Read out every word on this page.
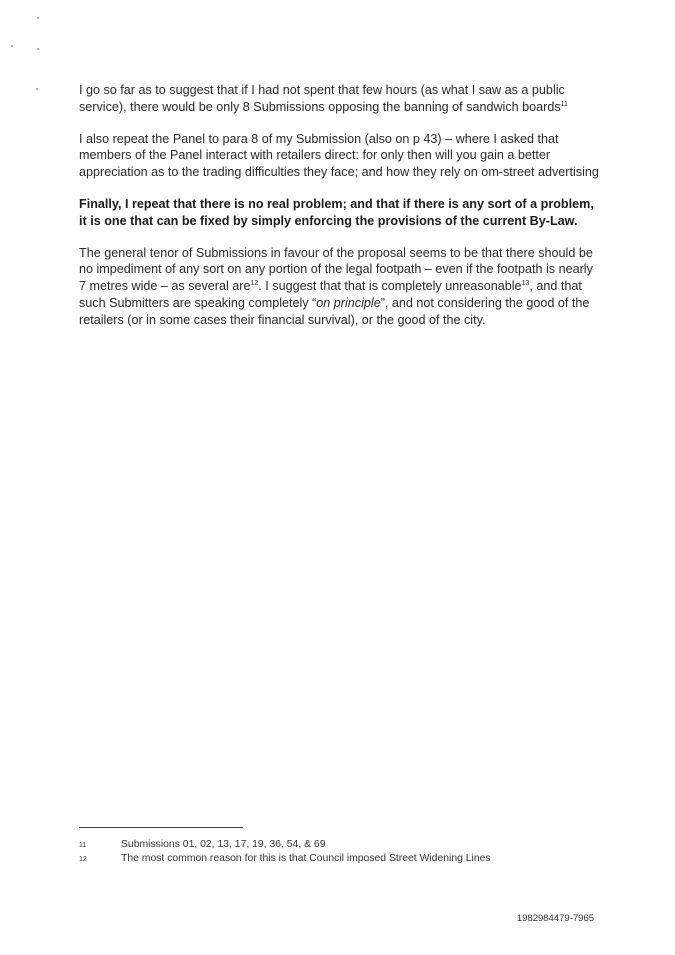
I go so far as to suggest that if I had not spent that few hours (as what I saw as a public service), there would be only 8 Submissions opposing the banning of sandwich boards$^{11}$

I also repeat the Panel to para 8 of my Submission (also on p 43) – where I asked that members of the Panel interact with retailers direct: for only then will you gain a better appreciation as to the trading difficulties they face; and how they rely on om-street advertising

Finally, I repeat that there is no real problem; and that if there is any sort of a problem, it is one that can be fixed by simply enforcing the provisions of the current By-Law.

The general tenor of Submissions in favour of the proposal seems to be that there should be no impediment of any sort on any portion of the legal footpath – even if the footpath is nearly 7 metres wide – as several are$^{12}$. I suggest that that is completely unreasonable$^{13}$, and that such Submitters are speaking completely “on principle”, and not considering the good of the retailers (or in some cases their financial survival), or the good of the city.

11	Submissions 01, 02, 13, 17, 19, 36, 54, & 69
12	The most common reason for this is that Council imposed Street Widening Lines
1982984479-7965
